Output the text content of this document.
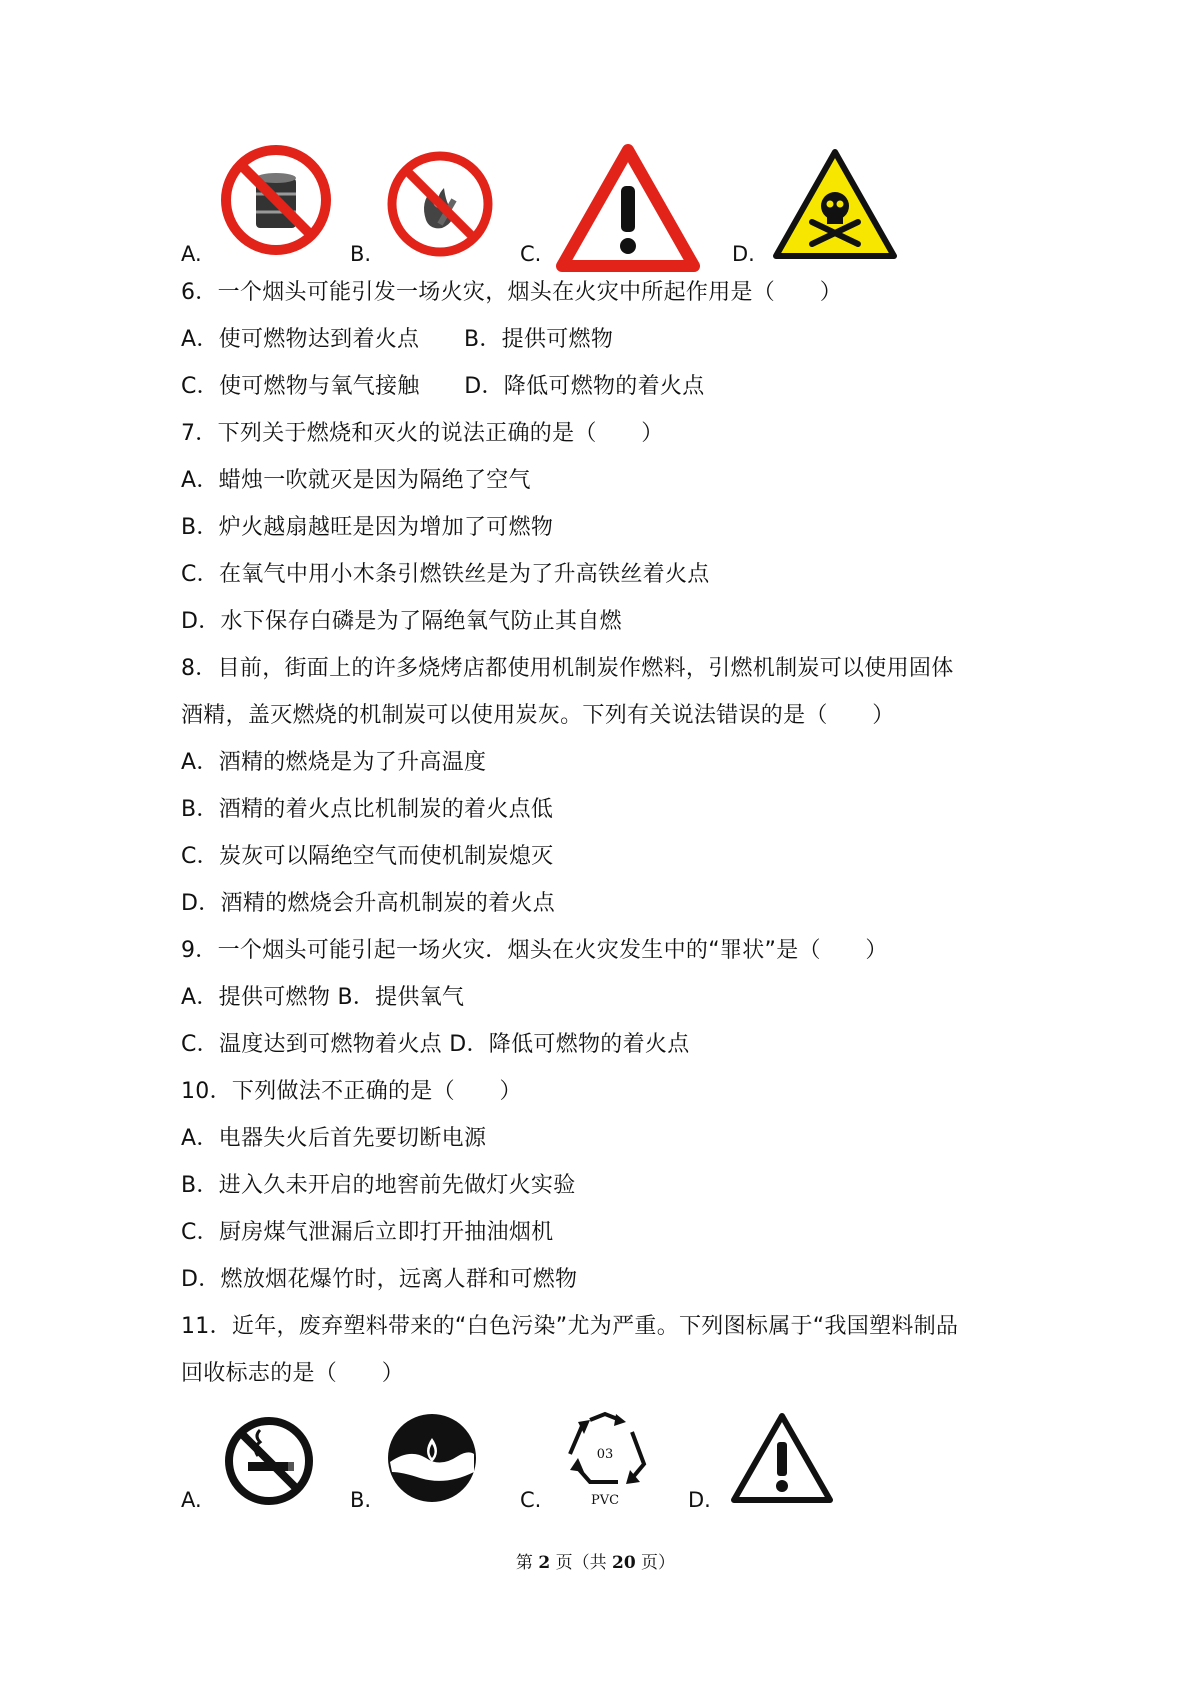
A.	B.	C.	D.
6．一个烟头可能引发一场火灾，烟头在火灾中所起作用是（　　）
A．使可燃物达到着火点　　B．提供可燃物
C．使可燃物与氧气接触　　D．降低可燃物的着火点
7．下列关于燃烧和灭火的说法正确的是（　　）
A．蜡烛一吹就灭是因为隔绝了空气
B．炉火越扇越旺是因为增加了可燃物
C．在氧气中用小木条引燃铁丝是为了升高铁丝着火点
D．水下保存白磷是为了隔绝氧气防止其自燃
8．目前，街面上的许多烧烤店都使用机制炭作燃料，引燃机制炭可以使用固体
酒精，盖灭燃烧的机制炭可以使用炭灰。下列有关说法错误的是（　　）
A．酒精的燃烧是为了升高温度
B．酒精的着火点比机制炭的着火点低
C．炭灰可以隔绝空气而使机制炭熄灭
D．酒精的燃烧会升高机制炭的着火点
9．一个烟头可能引起一场火灾．烟头在火灾发生中的“罪状”是（　　）
A．提供可燃物 B．提供氧气
C．温度达到可燃物着火点 D．降低可燃物的着火点
10．下列做法不正确的是（　　）
A．电器失火后首先要切断电源
B．进入久未开启的地窖前先做灯火实验
C．厨房煤气泄漏后立即打开抽油烟机
D．燃放烟花爆竹时，远离人群和可燃物
11．近年，废弃塑料带来的“白色污染”尤为严重。下列图标属于“我国塑料制品
回收标志的是（　　）
A.	B.	C.
03
PVC	D.
第 2 页（共 20 页）
